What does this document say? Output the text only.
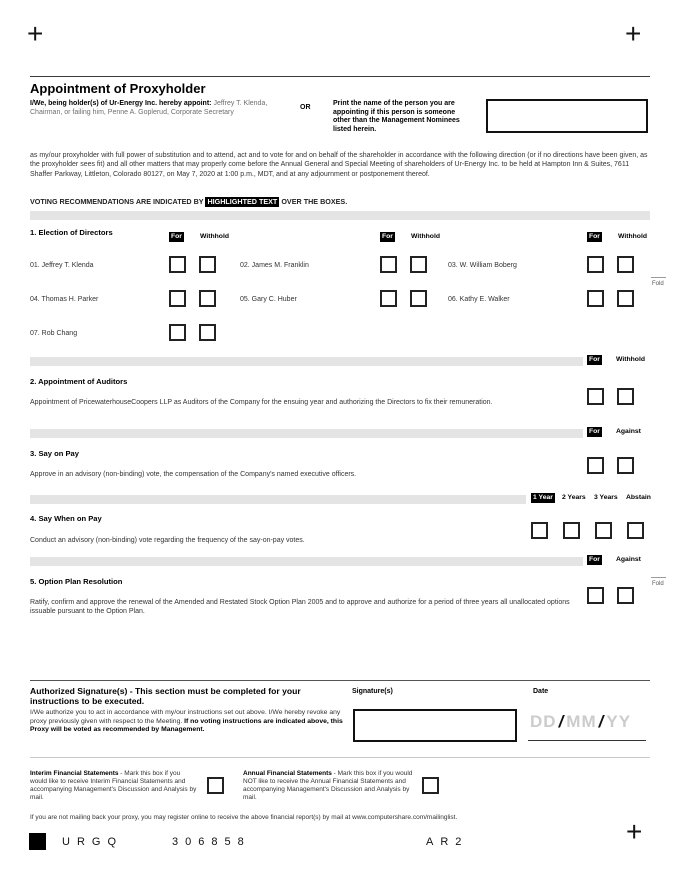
+	+
+
Appointment of Proxyholder
I/We, being holder(s) of Ur-Energy Inc. hereby appoint: Jeffrey T. Klenda, Chairman, or failing him, Penne A. Goplerud, Corporate Secretary
OR
Print the name of the person you are appointing if this person is someone other than the Management Nominees listed herein.
as my/our proxyholder with full power of substitution and to attend, act and to vote for and on behalf of the shareholder in accordance with the following direction (or if no directions have been given, as the proxyholder sees fit) and all other matters that may properly come before the Annual General and Special Meeting of shareholders of Ur-Energy Inc. to be held at Hampton Inn & Suites, 7611 Shaffer Parkway, Littleton, Colorado 80127, on May 7, 2020 at 1:00 p.m., MDT, and at any adjournment or postponement thereof.
VOTING RECOMMENDATIONS ARE INDICATED BY HIGHLIGHTED TEXT OVER THE BOXES.
1. Election of Directors	For	Withhold	For	Withhold	For	Withhold
01. Jeffrey T. Klenda	02. James M. Franklin	03. W. William Boberg
04. Thomas H. Parker	05. Gary C. Huber	06. Kathy E. Walker
07. Rob Chang
Fold
For Withhold
2. Appointment of Auditors
Appointment of PricewaterhouseCoopers LLP as Auditors of the Company for the ensuing year and authorizing the Directors to fix their remuneration.
For Against
3. Say on Pay
Approve in an advisory (non-binding) vote, the compensation of the Company's named executive officers.
1 Year 2 Years 3 Years Abstain
4. Say When on Pay
Conduct an advisory (non-binding) vote regarding the frequency of the say-on-pay votes.
For Against
5. Option Plan Resolution
Ratify, confirm and approve the renewal of the Amended and Restated Stock Option Plan 2005 and to approve and authorize for a period of three years all unallocated options issuable pursuant to the Option Plan.
Fold
Authorized Signature(s) - This section must be completed for your instructions to be executed.
I/We authorize you to act in accordance with my/our instructions set out above. I/We hereby revoke any proxy previously given with respect to the Meeting. If no voting instructions are indicated above, this Proxy will be voted as recommended by Management.
Signature(s)	Date
DD / MM / YY
Interim Financial Statements - Mark this box if you would like to receive Interim Financial Statements and accompanying Management's Discussion and Analysis by mail.
Annual Financial Statements - Mark this box if you would NOT like to receive the Annual Financial Statements and accompanying Management's Discussion and Analysis by mail.
If you are not mailing back your proxy, you may register online to receive the above financial report(s) by mail at www.computershare.com/mailinglist.
URGQ	306858	AR2
